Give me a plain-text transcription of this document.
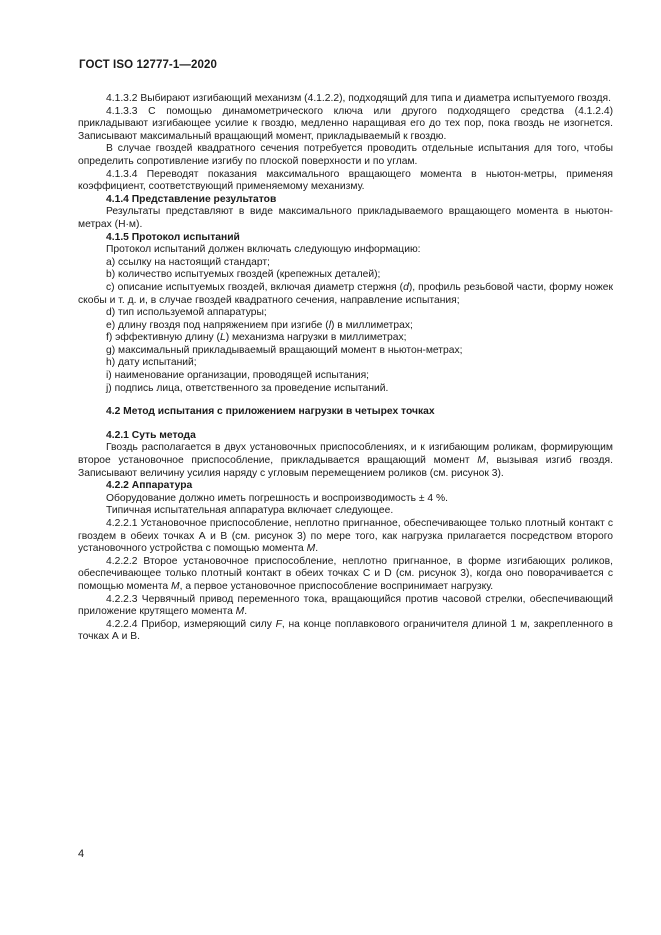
ГОСТ ISO 12777-1—2020

4.1.3.2 Выбирают изгибающий механизм (4.1.2.2), подходящий для типа и диаметра испытуемого гвоздя.

4.1.3.3 С помощью динамометрического ключа или другого подходящего средства (4.1.2.4) прикладывают изгибающее усилие к гвоздю, медленно наращивая его до тех пор, пока гвоздь не изогнется. Записывают максимальный вращающий момент, прикладываемый к гвоздю.

В случае гвоздей квадратного сечения потребуется проводить отдельные испытания для того, чтобы определить сопротивление изгибу по плоской поверхности и по углам.

4.1.3.4 Переводят показания максимального вращающего момента в ньютон-метры, применяя коэффициент, соответствующий применяемому механизму.

4.1.4 Представление результатов

Результаты представляют в виде максимального прикладываемого вращающего момента в ньютон-метрах (Н·м).

4.1.5 Протокол испытаний

Протокол испытаний должен включать следующую информацию:

а) ссылку на настоящий стандарт;

b) количество испытуемых гвоздей (крепежных деталей);

c) описание испытуемых гвоздей, включая диаметр стержня (d), профиль резьбовой части, форму ножек скобы и т. д. и, в случае гвоздей квадратного сечения, направление испытания;

d) тип используемой аппаратуры;

е) длину гвоздя под напряжением при изгибе (l) в миллиметрах;

f) эффективную длину (L) механизма нагрузки в миллиметрах;

g) максимальный прикладываемый вращающий момент в ньютон-метрах;

h) дату испытаний;

i) наименование организации, проводящей испытания;

j) подпись лица, ответственного за проведение испытаний.

4.2 Метод испытания с приложением нагрузки в четырех точках

4.2.1 Суть метода

Гвоздь располагается в двух установочных приспособлениях, и к изгибающим роликам, формирующим второе установочное приспособление, прикладывается вращающий момент М, вызывая изгиб гвоздя. Записывают величину усилия наряду с угловым перемещением роликов (см. рисунок 3).

4.2.2 Аппаратура

Оборудование должно иметь погрешность и воспроизводимость ± 4 %.

Типичная испытательная аппаратура включает следующее.

4.2.2.1 Установочное приспособление, неплотно пригнанное, обеспечивающее только плотный контакт с гвоздем в обеих точках А и В (см. рисунок 3) по мере того, как нагрузка прилагается посредством второго установочного устройства с помощью момента М.

4.2.2.2 Второе установочное приспособление, неплотно пригнанное, в форме изгибающих роликов, обеспечивающее только плотный контакт в обеих точках С и D (см. рисунок 3), когда оно поворачивается с помощью момента М, а первое установочное приспособление воспринимает нагрузку.

4.2.2.3 Червячный привод переменного тока, вращающийся против часовой стрелки, обеспечивающий приложение крутящего момента М.

4.2.2.4 Прибор, измеряющий силу F, на конце поплавкового ограничителя длиной 1 м, закрепленного в точках А и В.

4
